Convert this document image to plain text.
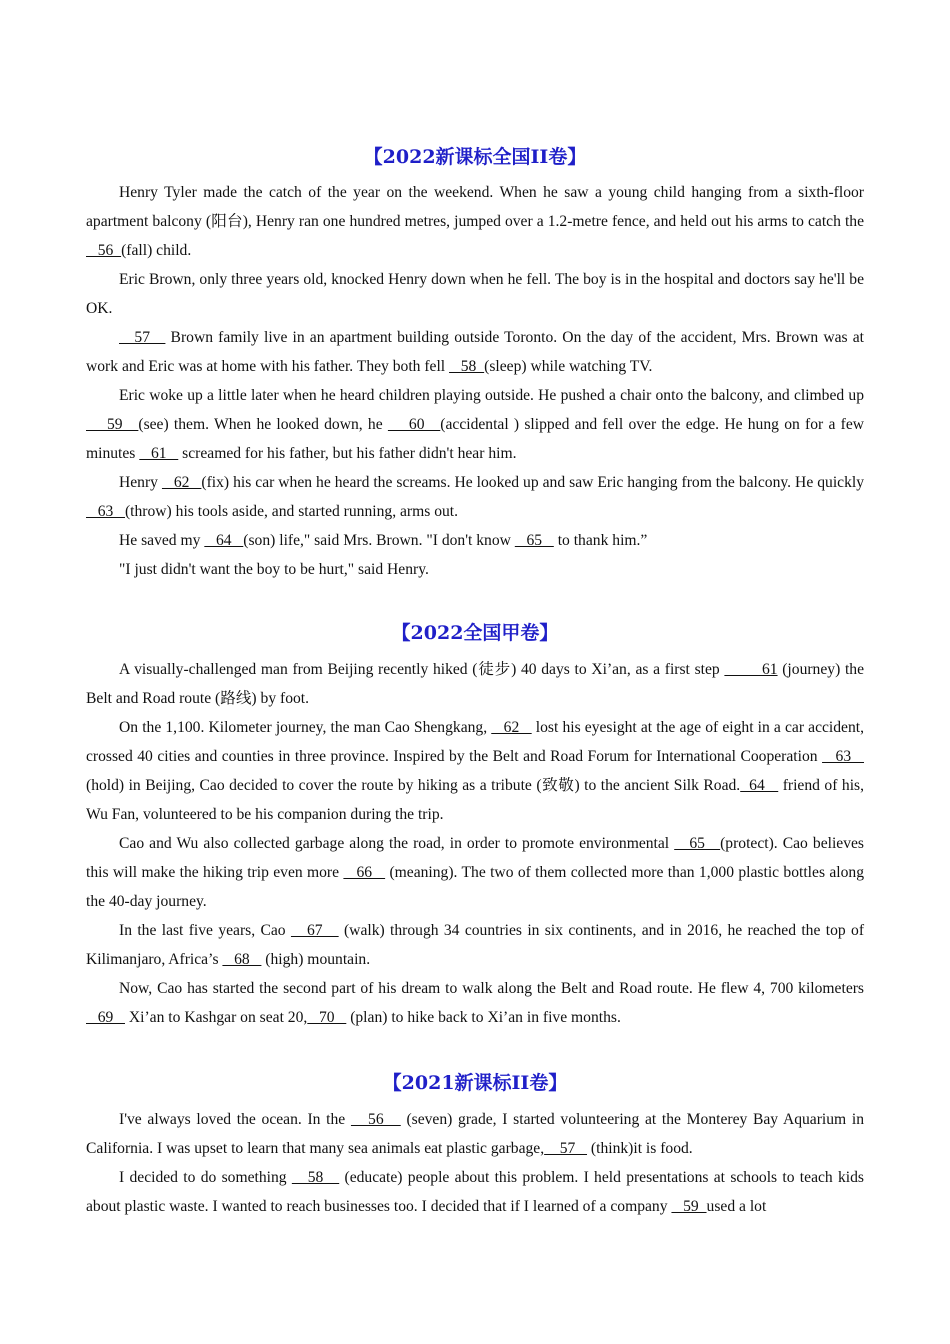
【2022新课标全国II卷】

Henry Tyler made the catch of the year on the weekend. When he saw a young child hanging from a sixth-floor apartment balcony (阳台), Henry ran one hundred metres, jumped over a 1.2-metre fence, and held out his arms to catch the    56  (fall) child.

Eric Brown, only three years old, knocked Henry down when he fell. The boy is in the hospital and doctors say he'll be OK.

57    Brown family live in an apartment building outside Toronto. On the day of the accident, Mrs. Brown was at work and Eric was at home with his father. They both fell    58  (sleep) while watching TV.

Eric woke up a little later when he heard children playing outside. He pushed a chair onto the balcony, and climbed up     59   (see) them. When he looked down, he     60   (accidental ) slipped and fell over the edge. He hung on for a few minutes    61    screamed for his father, but his father didn't hear him.

Henry    62   (fix) his car when he heard the screams. He looked up and saw Eric hanging from the balcony. He quickly    63   (throw) his tools aside, and started running, arms out.

He saved my    64   (son) life," said Mrs. Brown. "I don't know    65    to thank him.”

"I just didn't want the boy to be hurt," said Henry.

【2022全国甲卷】

A visually-challenged man from Beijing recently hiked (徒步) 40 days to Xi’an, as a first step         61 (journey) the Belt and Road route (路线) by foot.

On the 1,100. Kilometer journey, the man Cao Shengkang,    62    lost his eyesight at the age of eight in a car accident, crossed 40 cities and counties in three province. Inspired by the Belt and Road Forum for International Cooperation    63    (hold) in Beijing, Cao decided to cover the route by hiking as a tribute (致敬) to the ancient Silk Road.  64    friend of his, Wu Fan, volunteered to be his companion during the trip.

Cao and Wu also collected garbage along the road, in order to promote environmental    65   (protect). Cao believes this will make the hiking trip even more    66    (meaning). The two of them collected more than 1,000 plastic bottles along the 40-day journey.

In the last five years, Cao    67    (walk) through 34 countries in six continents, and in 2016, he reached the top of Kilimanjaro, Africa’s    68    (high) mountain.

Now, Cao has started the second part of his dream to walk along the Belt and Road route. He flew 4, 700 kilometers    69    Xi’an to Kashgar on seat 20,   70    (plan) to hike back to Xi’an in five months.

【2021新课标II卷】

I've always loved the ocean. In the    56    (seven) grade, I started volunteering at the Monterey Bay Aquarium in California. I was upset to learn that many sea animals eat plastic garbage,    57    (think)it is food.

I decided to do something    58    (educate) people about this problem. I held presentations at schools to teach kids about plastic waste. I wanted to reach businesses too. I decided that if I learned of a company    59  used a lot
